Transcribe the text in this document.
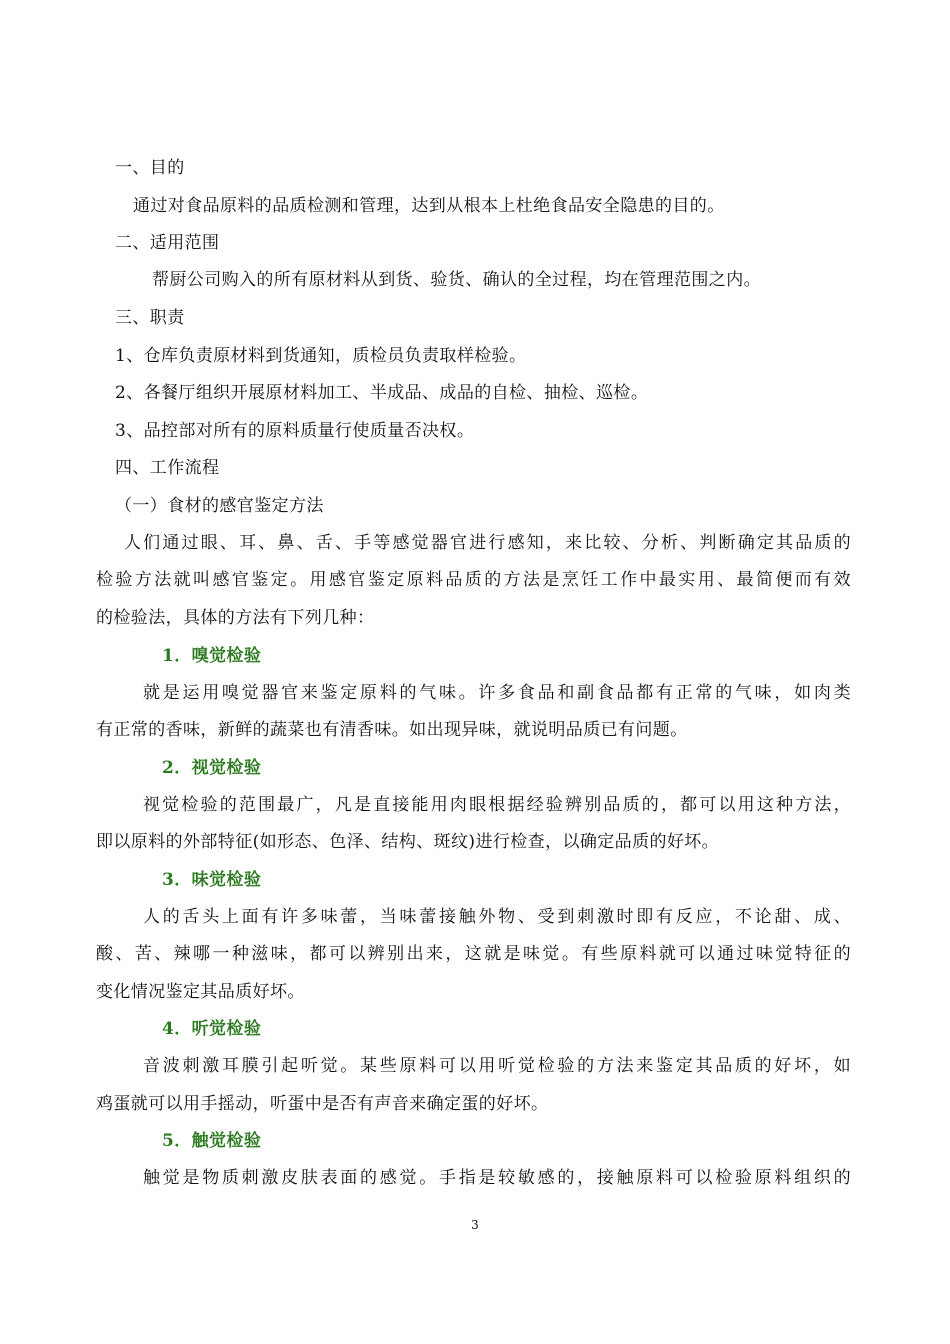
一、目的
通过对食品原料的品质检测和管理，达到从根本上杜绝食品安全隐患的目的。
二、适用范围
帮厨公司购入的所有原材料从到货、验货、确认的全过程，均在管理范围之内。
三、职责
1、仓库负责原材料到货通知，质检员负责取样检验。
2、各餐厅组织开展原材料加工、半成品、成品的自检、抽检、巡检。
3、品控部对所有的原料质量行使质量否决权。
四、工作流程
（一）食材的感官鉴定方法
人们通过眼、耳、鼻、舌、手等感觉器官进行感知，来比较、分析、判断确定其品质的
检验方法就叫感官鉴定。用感官鉴定原料品质的方法是烹饪工作中最实用、最简便而有效
的检验法，具体的方法有下列几种：
1．嗅觉检验
就是运用嗅觉器官来鉴定原料的气味。许多食品和副食品都有正常的气味，如肉类
有正常的香味，新鲜的蔬菜也有清香味。如出现异味，就说明品质已有问题。
2．视觉检验
视觉检验的范围最广，凡是直接能用肉眼根据经验辨别品质的，都可以用这种方法，
即以原料的外部特征(如形态、色泽、结构、斑纹)进行检查，以确定品质的好坏。
3．味觉检验
人的舌头上面有许多味蕾，当味蕾接触外物、受到刺激时即有反应，不论甜、成、
酸、苦、辣哪一种滋味，都可以辨别出来，这就是味觉。有些原料就可以通过味觉特征的
变化情况鉴定其品质好坏。
4．听觉检验
音波刺激耳膜引起听觉。某些原料可以用听觉检验的方法来鉴定其品质的好坏，如
鸡蛋就可以用手摇动，听蛋中是否有声音来确定蛋的好坏。
5．触觉检验
触觉是物质刺激皮肤表面的感觉。手指是较敏感的，接触原料可以检验原料组织的
3
